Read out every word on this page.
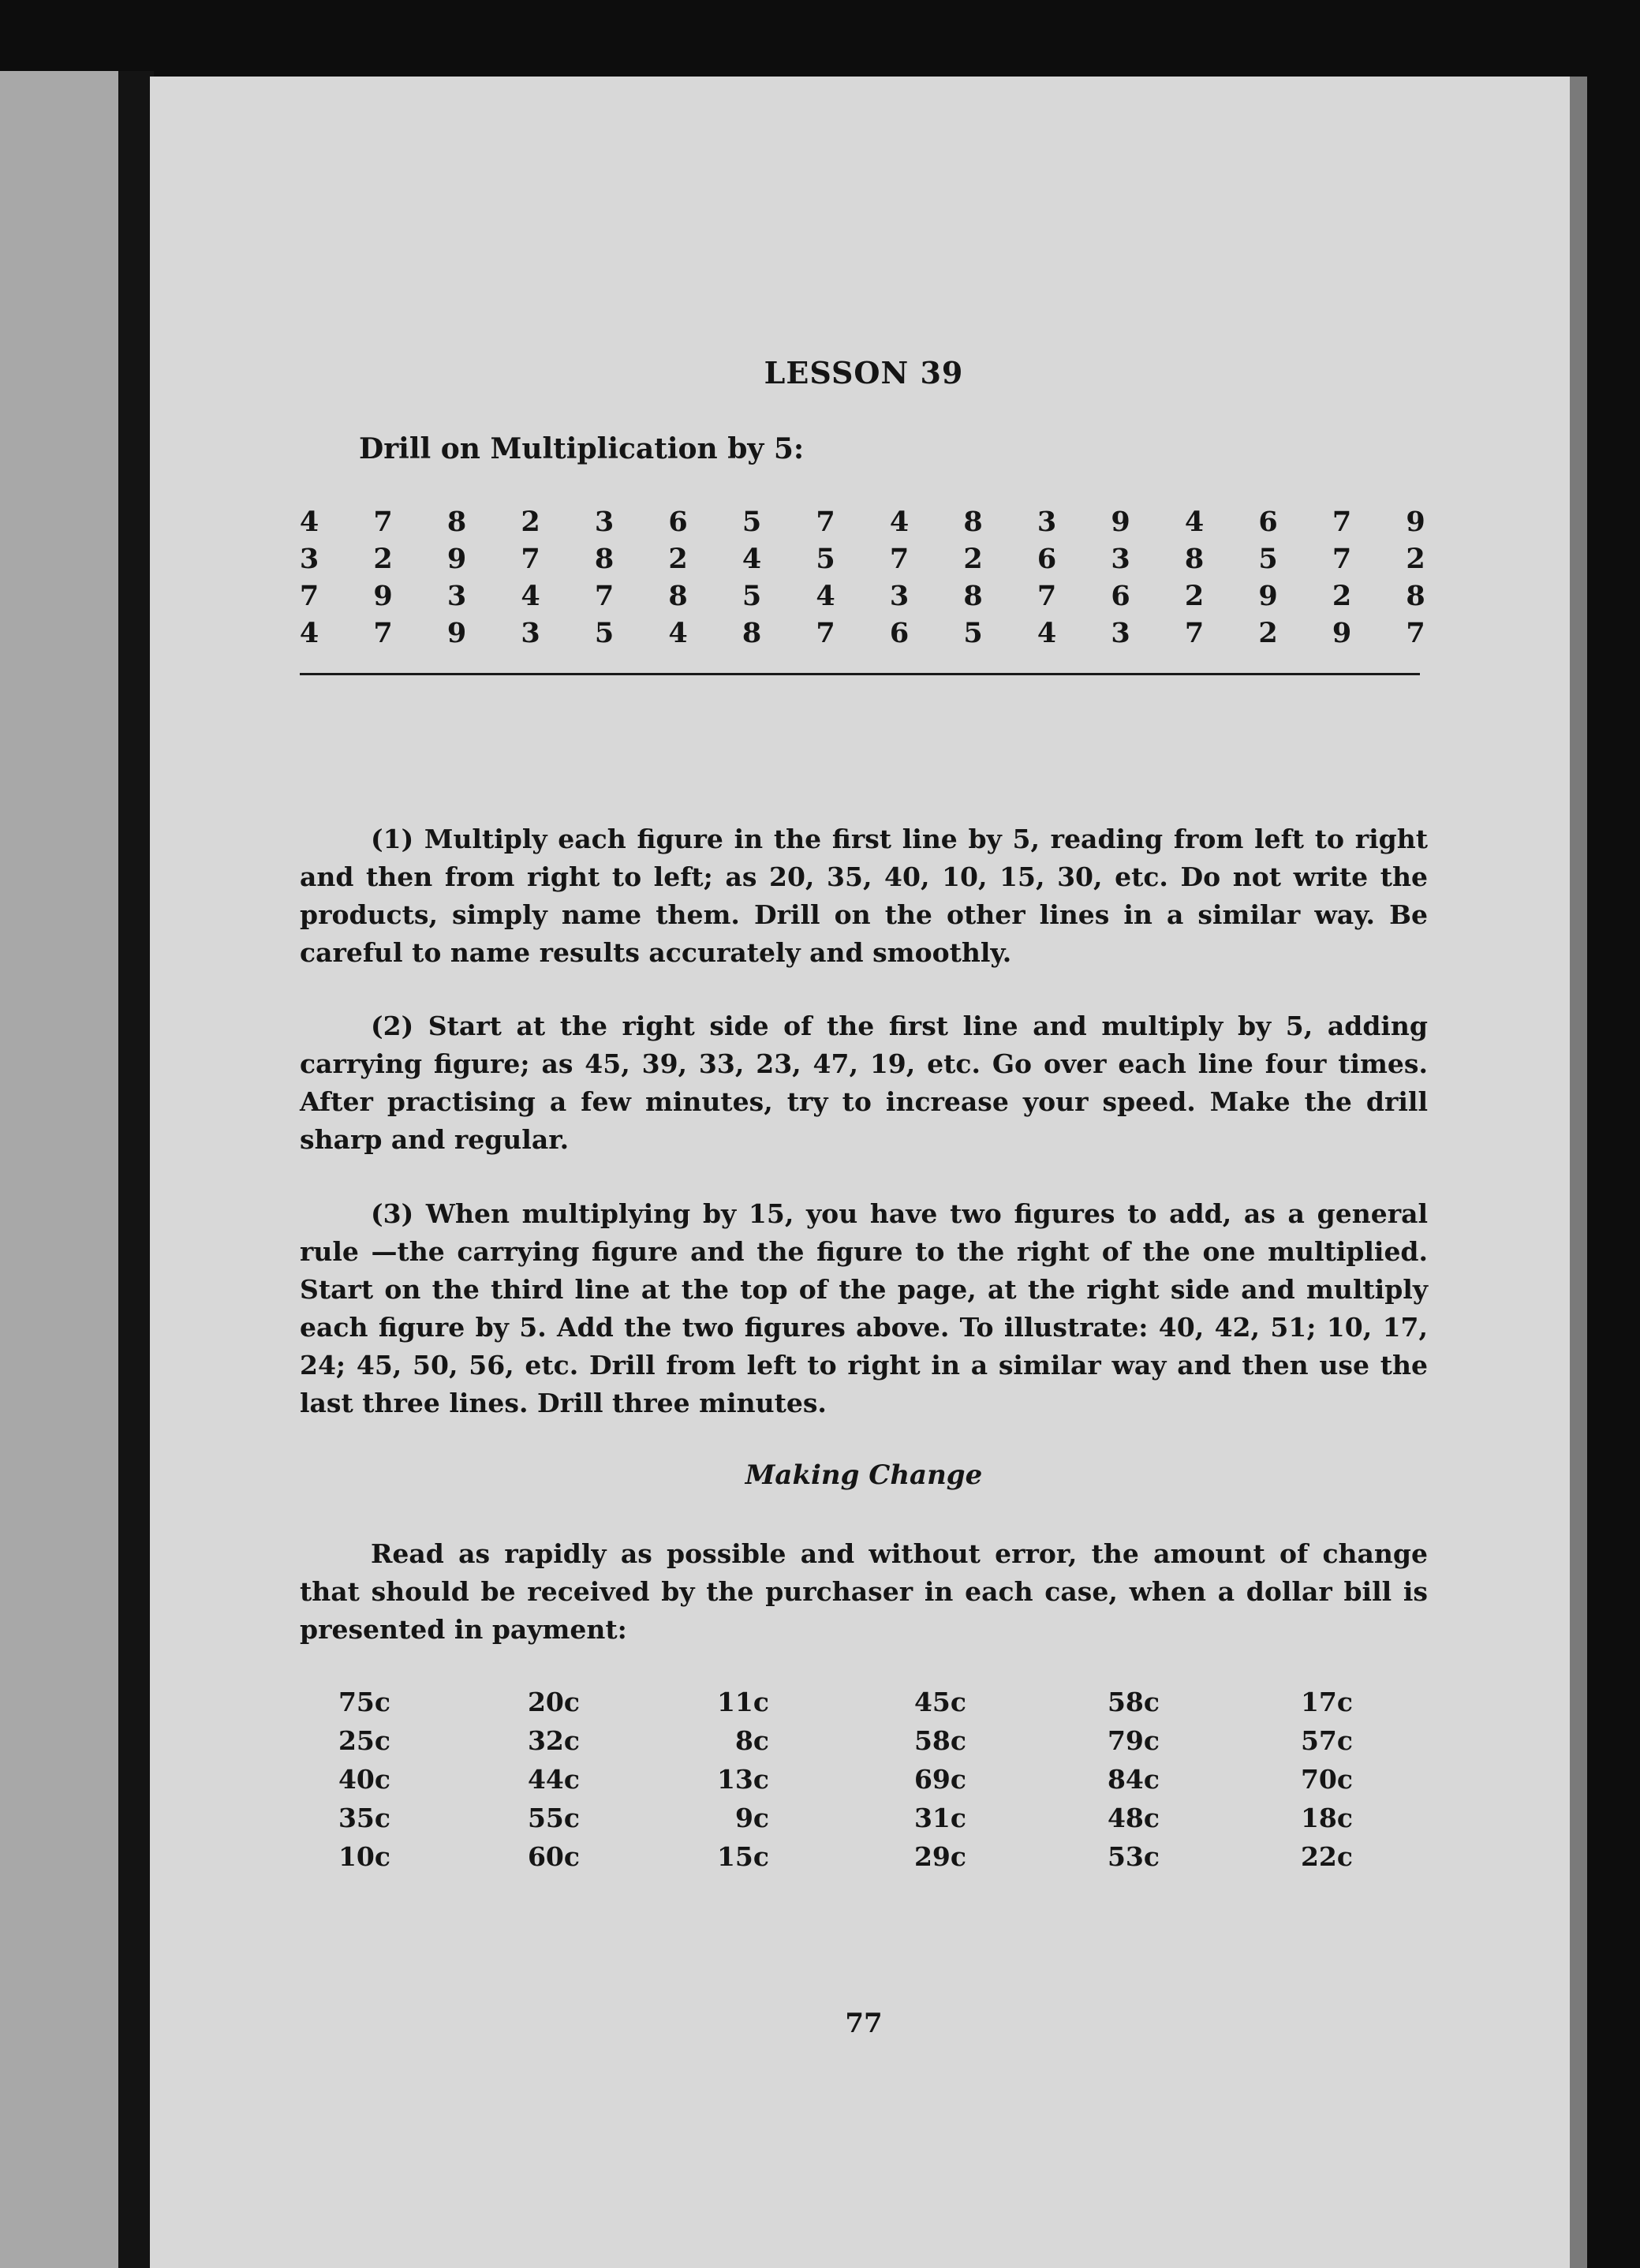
LESSON 39
Drill on Multiplication by 5:
4 7 8 2 3 6 5 7 4 8 3 9 4 6 7 9
3 2 9 7 8 2 4 5 7 2 6 3 8 5 7 2
7 9 3 4 7 8 5 4 3 8 7 6 2 9 2 8
4 7 9 3 5 4 8 7 6 5 4 3 7 2 9 7
(1) Multiply each figure in the first line by 5, reading from left to right and then from right to left; as 20, 35, 40, 10, 15, 30, etc. Do not write the products, simply name them. Drill on the other lines in a similar way. Be careful to name results accurately and smoothly.
(2) Start at the right side of the first line and multiply by 5, adding carrying figure; as 45, 39, 33, 23, 47, 19, etc. Go over each line four times. After practising a few minutes, try to increase your speed. Make the drill sharp and regular.
(3) When multiplying by 15, you have two figures to add, as a general rule —the carrying figure and the figure to the right of the one multiplied. Start on the third line at the top of the page, at the right side and multiply each figure by 5. Add the two figures above. To illustrate: 40, 42, 51; 10, 17, 24; 45, 50, 56, etc. Drill from left to right in a similar way and then use the last three lines. Drill three minutes.
Making Change
Read as rapidly as possible and without error, the amount of change that should be received by the purchaser in each case, when a dollar bill is presented in payment:
75c	20c	11c	45c	58c	17c
25c	32c	8c	58c	79c	57c
40c	44c	13c	69c	84c	70c
35c	55c	9c	31c	48c	18c
10c	60c	15c	29c	53c	22c
77
